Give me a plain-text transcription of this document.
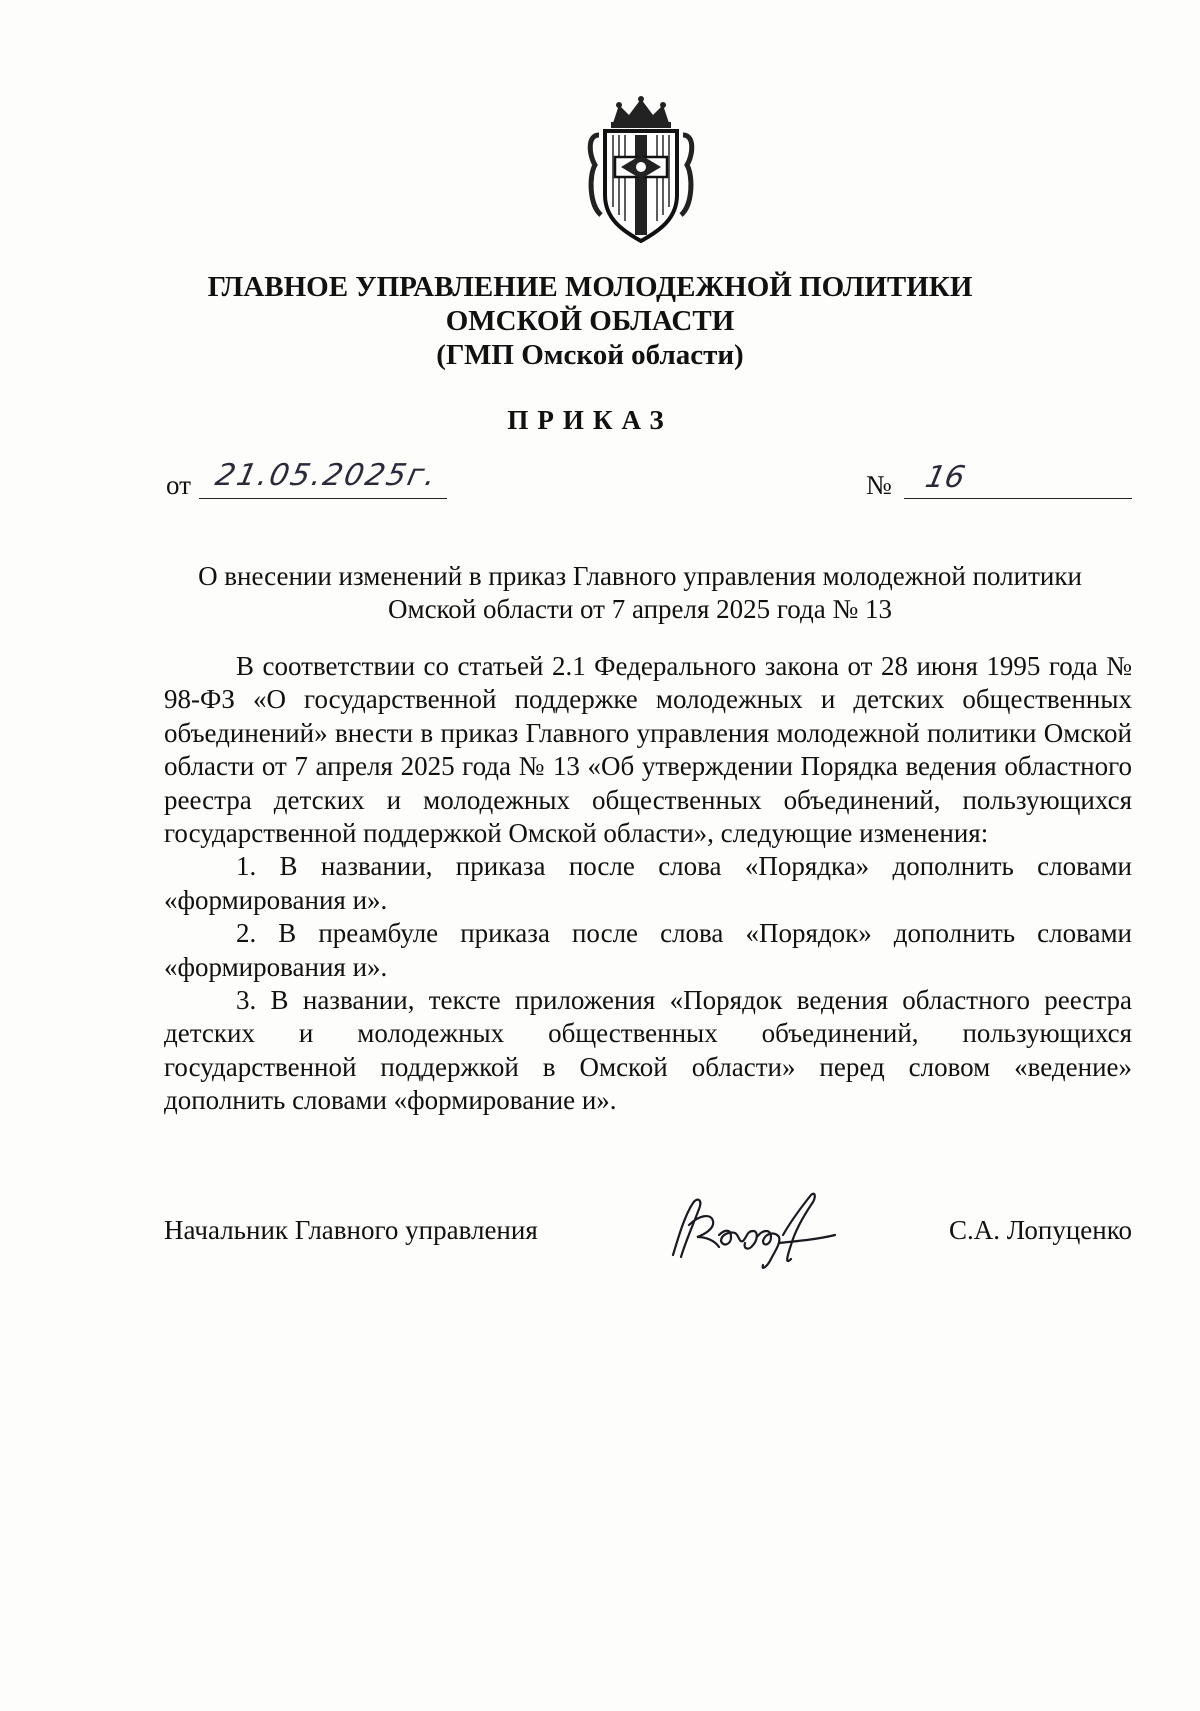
ГЛАВНОЕ УПРАВЛЕНИЕ МОЛОДЕЖНОЙ ПОЛИТИКИ
ОМСКОЙ ОБЛАСТИ
(ГМП Омской области)
ПРИКАЗ
от 21.05.2025г.	№ 16
О внесении изменений в приказ Главного управления молодежной политики
Омской области от 7 апреля 2025 года № 13

В соответствии со статьей 2.1 Федерального закона от 28 июня 1995 года № 98-ФЗ «О государственной поддержке молодежных и детских общественных объединений» внести в приказ Главного управления молодежной политики Омской области от 7 апреля 2025 года № 13 «Об утверждении Порядка ведения областного реестра детских и молодежных общественных объединений, пользующихся государственной поддержкой Омской области», следующие изменения:

1. В названии, приказа после слова «Порядка» дополнить словами «формирования и».

2. В преамбуле приказа после слова «Порядок» дополнить словами «формирования и».

3. В названии, тексте приложения «Порядок ведения областного реестра детских и молодежных общественных объединений, пользующихся государственной поддержкой в Омской области» перед словом «ведение» дополнить словами «формирование и».

Начальник Главного управления	С.А. Лопуценко
